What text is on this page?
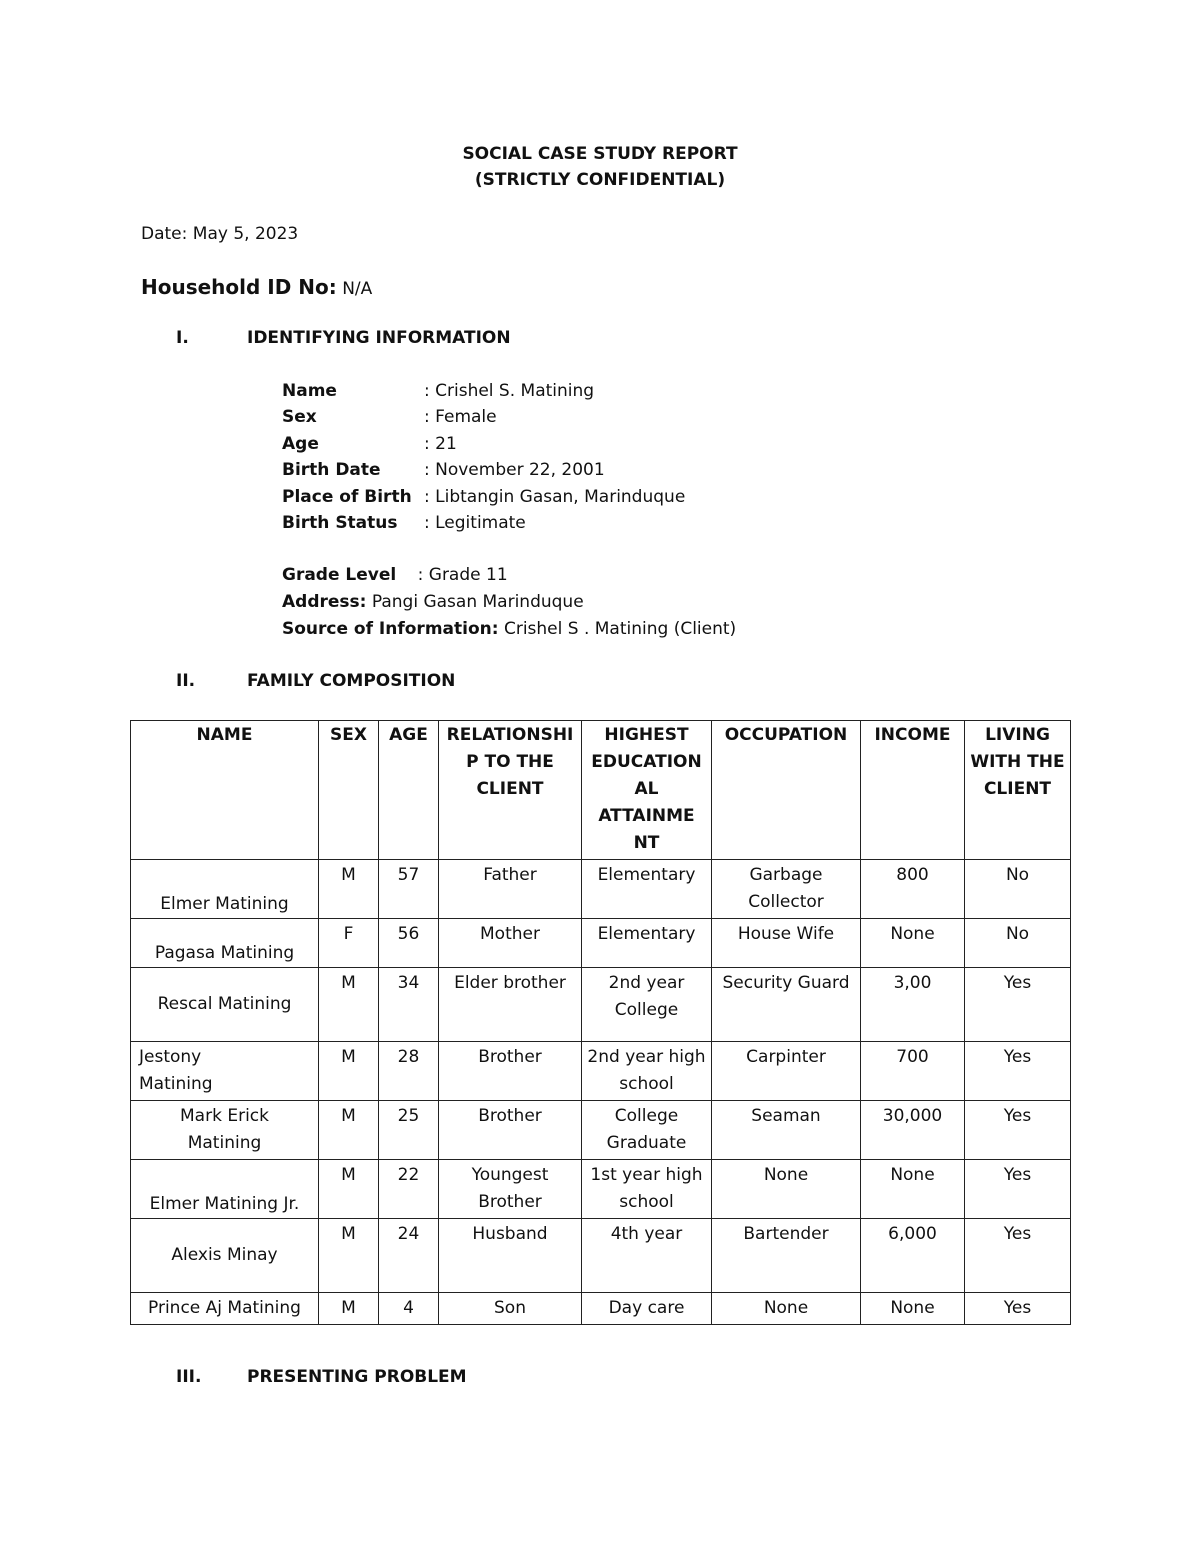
SOCIAL CASE STUDY REPORT
(STRICTLY CONFIDENTIAL)
Date: May 5, 2023
Household ID No: N/A
I.	IDENTIFYING INFORMATION
Name	: Crishel S. Matining
Sex	: Female
Age	: 21
Birth Date	: November 22, 2001
Place of Birth : Libtangin Gasan, Marinduque
Birth Status : Legitimate
Grade Level : Grade 11
Address: Pangi Gasan Marinduque
Source of Information: Crishel S . Matining (Client)
II.	FAMILY COMPOSITION
NAME	SEX	AGE	RELATIONSHI P TO THE CLIENT	HIGHEST EDUCATION AL ATTAINME NT	OCCUPATION	INCOME	LIVING WITH THE CLIENT
Elmer Matining	M	57	Father	Elementary	Garbage Collector	800	No
Pagasa Matining	F	56	Mother	Elementary	House Wife	None	No
Rescal Matining	M	34	Elder brother	2nd year College	Security Guard	3,00	Yes
Jestony Matining	M	28	Brother	2nd year high school	Carpinter	700	Yes
Mark Erick Matining	M	25	Brother	College Graduate	Seaman	30,000	Yes
Elmer Matining Jr.	M	22	Youngest Brother	1st year high school	None	None	Yes
Alexis Minay	M	24	Husband	4th year	Bartender	6,000	Yes
Prince Aj Matining	M	4	Son	Day care	None	None	Yes
III.	PRESENTING PROBLEM
